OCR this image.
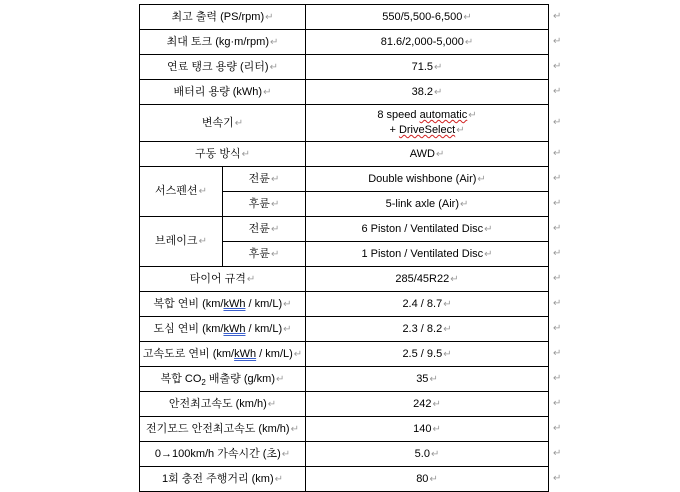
최고 출력 (PS/rpm)↵		550/5,500-6,500↵
최대 토크 (kg·m/rpm)↵		81.6/2,000-5,000↵
연료 탱크 용량 (리터)↵		71.5↵
배터리 용량 (kWh)↵		38.2↵
변속기↵		8 speed automatic↵
+ DriveSelect↵

구동 방식↵		AWD↵
서스펜션↵	전륜↵	Double wishbone (Air)↵
	후륜↵	5-link axle (Air)↵
브레이크↵	전륜↵	6 Piston / Ventilated Disc↵
	후륜↵	1 Piston / Ventilated Disc↵
타이어 규격↵		285/45R22↵
복합 연비 (km/kWh / km/L)↵		2.4 / 8.7↵
도심 연비 (km/kWh / km/L)↵		2.3 / 8.2↵
고속도로 연비 (km/kWh / km/L)↵		2.5 / 9.5↵
복합 $CO_2$ 배출량 (g/km)↵		35↵
안전최고속도 (km/h)↵		242↵
전기모드 안전최고속도 (km/h)↵		140↵
0→100km/h 가속시간 (초)↵		5.0↵
1회 충전 주행거리 (km)↵		80↵
↵
↵
↵
↵
↵
↵
↵
↵
↵
↵
↵
↵
↵
↵
↵
↵
↵
↵
↵
